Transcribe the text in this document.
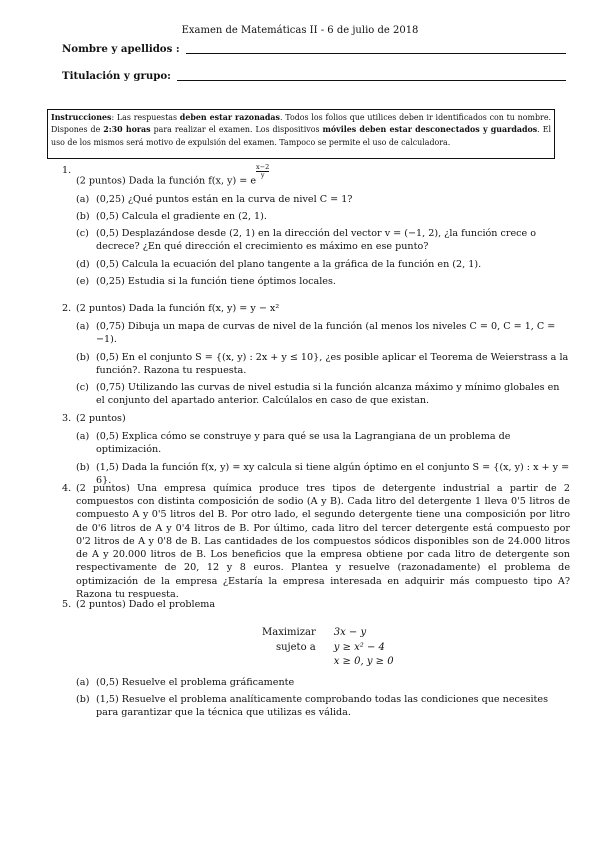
Examen de Matemáticas II - 6 de julio de 2018
Nombre y apellidos :
Titulación y grupo:
Instrucciones: Las respuestas deben estar razonadas. Todos los folios que utilices deben ir identificados con tu nombre. Dispones de 2:30 horas para realizar el examen. Los dispositivos móviles deben estar desconectados y guardados. El uso de los mismos será motivo de expulsión del examen. Tampoco se permite el uso de calculadora.
1.
(2 puntos) Dada la función f(x, y) = e
$^{\frac{x-2}{y}}$
(a) (0,25) ¿Qué puntos están en la curva de nivel C = 1?
(b) (0,5) Calcula el gradiente en (2, 1).
(c) (0,5) Desplazándose desde (2, 1) en la dirección del vector v = (−1, 2), ¿la función crece o decrece? ¿En qué dirección el crecimiento es máximo en ese punto?
(d) (0,5) Calcula la ecuación del plano tangente a la gráfica de la función en (2, 1).
(e) (0,25) Estudia si la función tiene óptimos locales.
2. (2 puntos) Dada la función f(x, y) = y − x²
(a) (0,75) Dibuja un mapa de curvas de nivel de la función (al menos los niveles C = 0, C = 1, C = −1).
(b) (0,5) En el conjunto S = {(x, y) : 2x + y ≤ 10}, ¿es posible aplicar el Teorema de Weierstrass a la función?. Razona tu respuesta.
(c) (0,75) Utilizando las curvas de nivel estudia si la función alcanza máximo y mínimo globales en el conjunto del apartado anterior. Calcúlalos en caso de que existan.
3. (2 puntos)
(a) (0,5) Explica cómo se construye y para qué se usa la Lagrangiana de un problema de optimización.
(b) (1,5) Dada la función f(x, y) = xy calcula si tiene algún óptimo en el conjunto S = {(x, y) : x + y = 6}.
4. (2 puntos) Una empresa química produce tres tipos de detergente industrial a partir de 2 compuestos con distinta composición de sodio (A y B). Cada litro del detergente 1 lleva 0'5 litros de compuesto A y 0'5 litros del B. Por otro lado, el segundo detergente tiene una composición por litro de 0'6 litros de A y 0'4 litros de B. Por último, cada litro del tercer detergente está compuesto por 0'2 litros de A y 0'8 de B. Las cantidades de los compuestos sódicos disponibles son de 24.000 litros de A y 20.000 litros de B. Los beneficios que la empresa obtiene por cada litro de detergente son respectivamente de 20, 12 y 8 euros. Plantea y resuelve (razonadamente) el problema de optimización de la empresa ¿Estaría la empresa interesada en adquirir más compuesto tipo A? Razona tu respuesta.
5. (2 puntos) Dado el problema
Maximizar	3x − y
sujeto a	y ≥ x² − 4
	x ≥ 0, y ≥ 0
(a) (0,5) Resuelve el problema gráficamente
(b) (1,5) Resuelve el problema analíticamente comprobando todas las condiciones que necesites para garantizar que la técnica que utilizas es válida.
